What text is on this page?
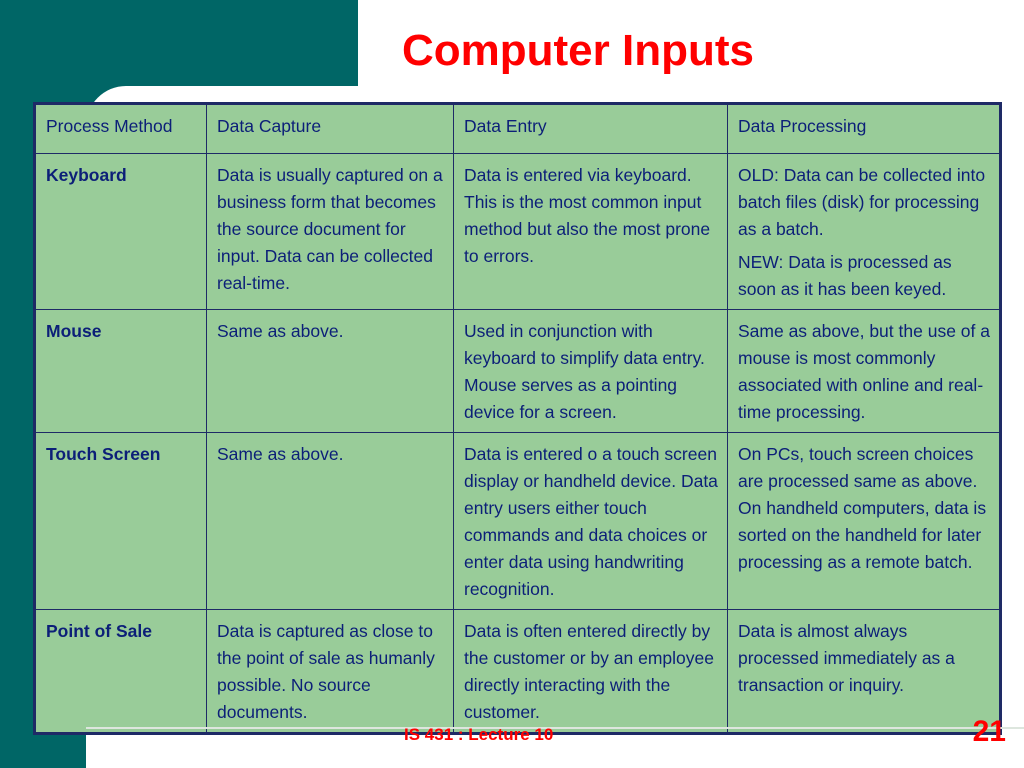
Computer Inputs
Process Method	Data Capture	Data Entry	Data Processing
Keyboard	Data is usually captured on a business form that becomes the source document for input. Data can be collected real-time.	Data is entered via keyboard. This is the most common input method but also the most prone to errors.	OLD: Data can be collected into batch files (disk) for processing as a batch.
NEW: Data is processed as soon as it has been keyed.

Mouse	Same as above.	Used in conjunction with keyboard to simplify data entry. Mouse serves as a pointing device for a screen.	Same as above, but the use of a mouse is most commonly associated with online and real-time processing.
Touch Screen	Same as above.	Data is entered o a touch screen display or handheld device. Data entry users either touch commands and data choices or enter data using handwriting recognition.	On PCs, touch screen choices are processed same as above. On handheld computers, data is sorted on the handheld for later processing as a remote batch.
Point of Sale	Data is captured as close to the point of sale as humanly possible. No source documents.	Data is often entered directly by the customer or by an employee directly interacting with the customer.	Data is almost always processed immediately as a transaction or inquiry.
IS 431 : Lecture 10	21
